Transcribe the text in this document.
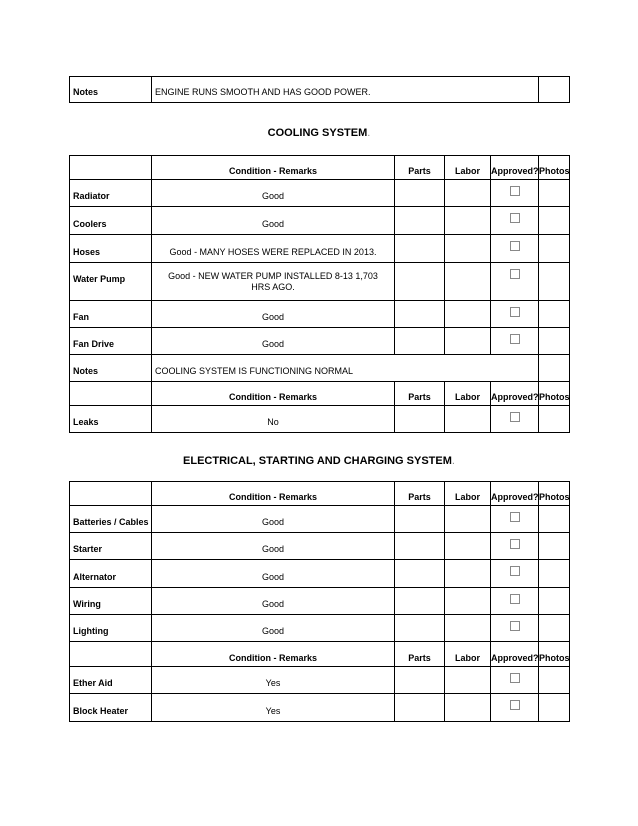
Notes	ENGINE RUNS SMOOTH AND HAS GOOD POWER.	
COOLING SYSTEM.
	Condition - Remarks	Parts	Labor	Approved?	Photos
Radiator	Good				
Coolers	Good				
Hoses	Good - MANY HOSES WERE REPLACED IN 2013.				
Water Pump	Good - NEW WATER PUMP INSTALLED 8-13 1,703 HRS AGO.				
Fan	Good				
Fan Drive	Good				
Notes	COOLING SYSTEM IS FUNCTIONING NORMAL				
	Condition - Remarks	Parts	Labor	Approved?	Photos
Leaks	No				
ELECTRICAL, STARTING AND CHARGING SYSTEM.
	Condition - Remarks	Parts	Labor	Approved?	Photos
Batteries / Cables	Good				
Starter	Good				
Alternator	Good				
Wiring	Good				
Lighting	Good				
	Condition - Remarks	Parts	Labor	Approved?	Photos
Ether Aid	Yes				
Block Heater	Yes				
